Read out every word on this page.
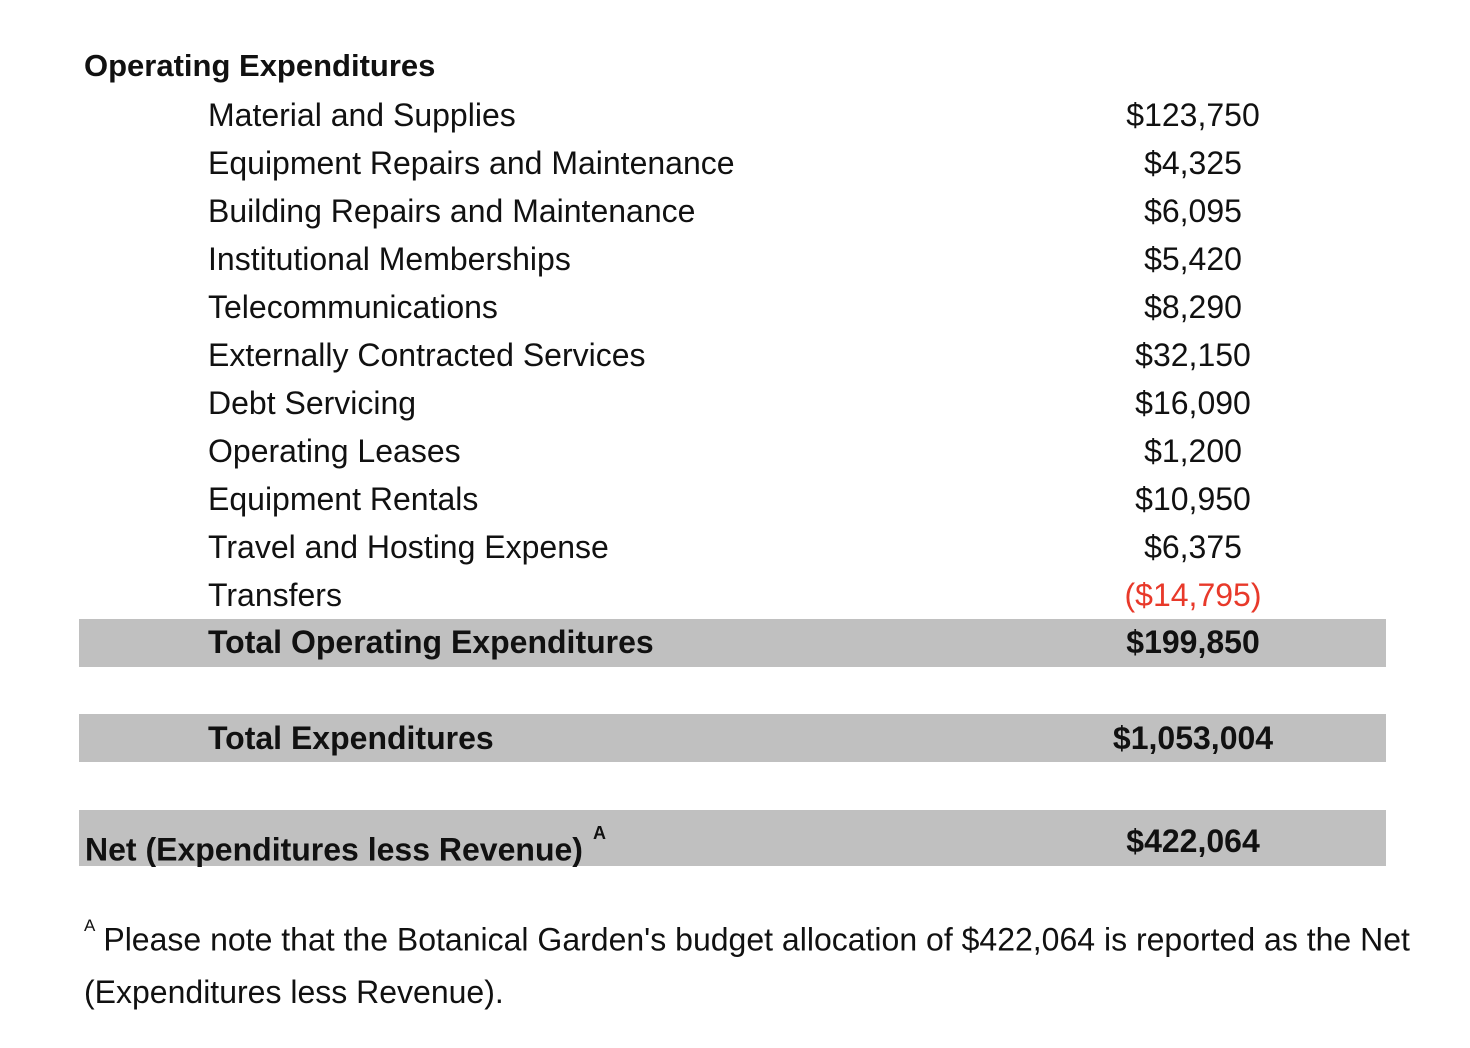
Operating Expenditures
Material and Supplies	$123,750
Equipment Repairs and Maintenance	$4,325
Building Repairs and Maintenance	$6,095
Institutional Memberships	$5,420
Telecommunications	$8,290
Externally Contracted Services	$32,150
Debt Servicing	$16,090
Operating Leases	$1,200
Equipment Rentals	$10,950
Travel and Hosting Expense	$6,375
Transfers	($14,795)
Total Operating Expenditures	$199,850
Total Expenditures	$1,053,004
Net (Expenditures less Revenue) $^A$	$422,064
$^A$ Please note that the Botanical Garden's budget allocation of $422,064 is reported as the Net (Expenditures less Revenue).
